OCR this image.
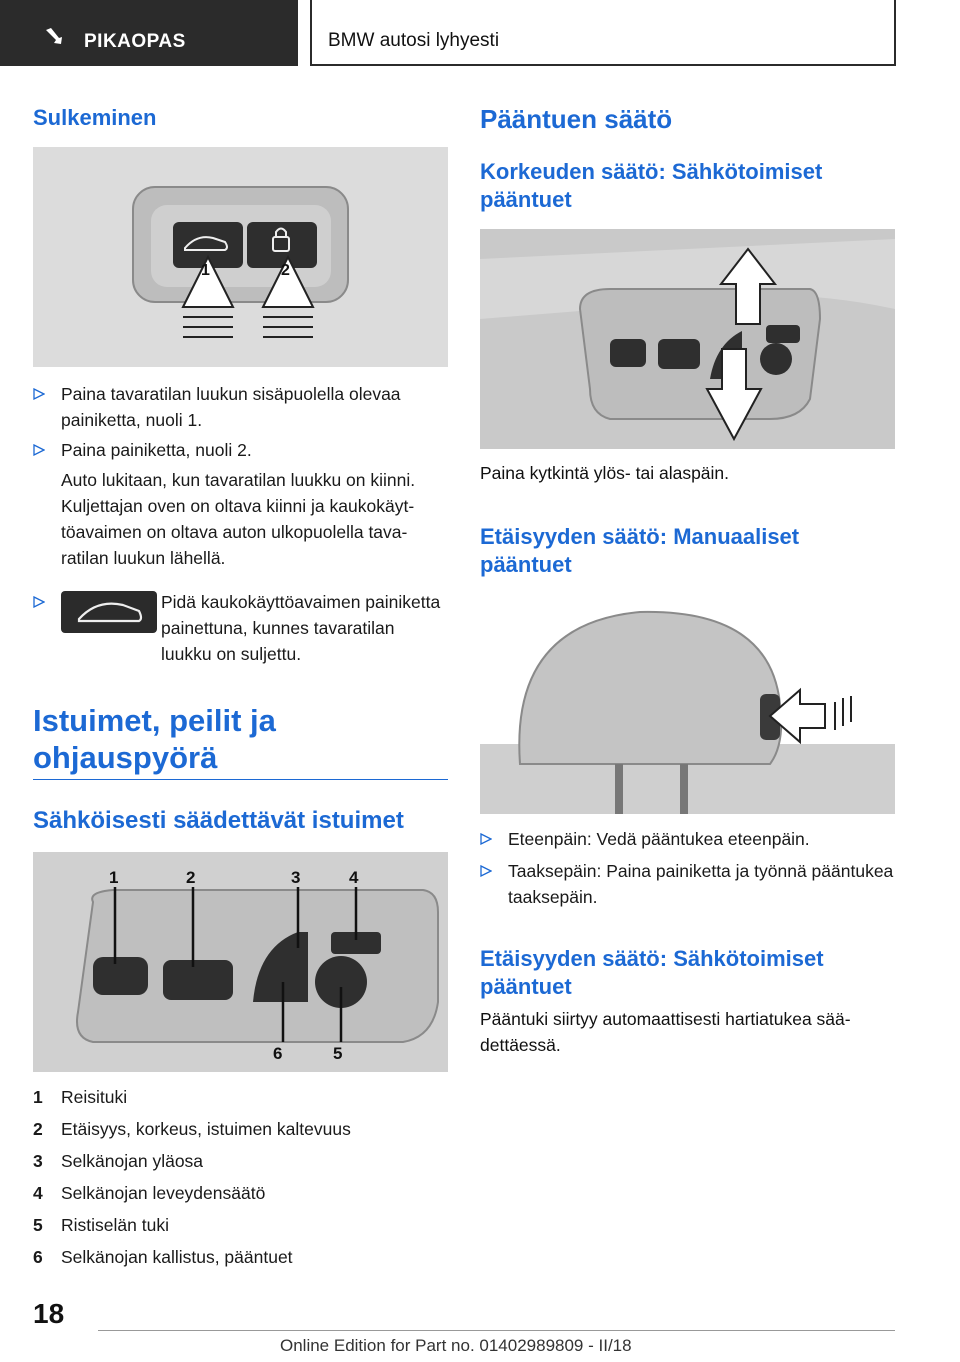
PIKAOPAS	BMW autosi lyhyesti
Sulkeminen
1	2
Paina tavaratilan luukun sisäpuolella olevaa painiketta, nuoli 1.
Paina painiketta, nuoli 2.
Auto lukitaan, kun tavaratilan luukku on kiinni. Kuljettajan oven on oltava kiinni ja kaukokäyttöavaimen on oltava auton ulkopuolella tavaratilan luukun lähellä.
Pidä kaukokäyttöavaimen painiketta painettuna, kunnes tavaratilan luukku on suljettu.
Istuimet, peilit ja
ohjauspyörä
Sähköisesti säädettävät istuimet
1	2	3	4
5
6
1 Reisituki
2 Etäisyys, korkeus, istuimen kaltevuus
3 Selkänojan yläosa
4 Selkänojan leveydensäätö
5 Ristiselän tuki
6 Selkänojan kallistus, pääntuet
Pääntuen säätö
Korkeuden säätö: Sähkötoimiset
pääntuet
Paina kytkintä ylös- tai alaspäin.
Etäisyyden säätö: Manuaaliset
pääntuet
Eteenpäin: Vedä pääntukea eteenpäin.
Taaksepäin: Paina painiketta ja työnnä pääntukea taaksepäin.
Etäisyyden säätö: Sähkötoimiset
pääntuet
Pääntuki siirtyy automaattisesti hartiatukea säädettäessä.
18
Online Edition for Part no. 01402989809 - II/18
